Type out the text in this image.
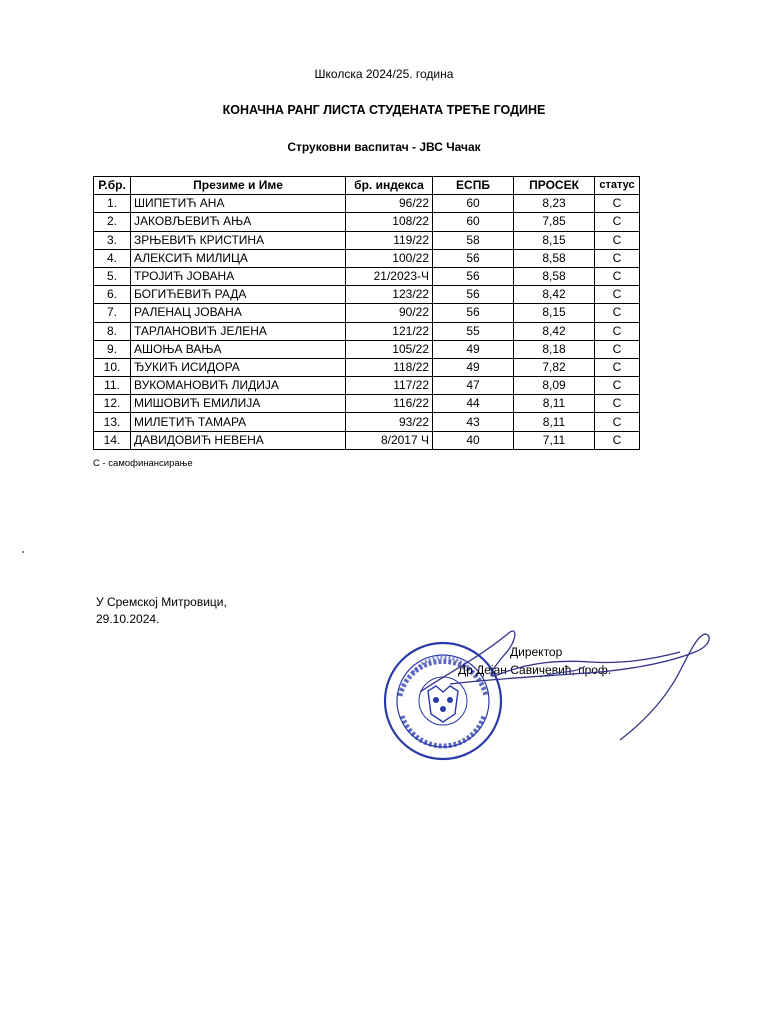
Школска 2024/25. година
КОНАЧНА РАНГ ЛИСТА СТУДЕНАТА ТРЕЋЕ ГОДИНЕ
Струковни васпитач - ЈВС Чачак
Р.бр.	Презиме и Име	бр. индекса	ЕСПБ	ПРОСЕК	статус
1.	ШИПЕТИЋ АНА	96/22	60	8,23	С
2.	ЈАКОВЉЕВИЋ АЊА	108/22	60	7,85	С
3.	ЗРЊЕВИЋ КРИСТИНА	119/22	58	8,15	С
4.	АЛЕКСИЋ МИЛИЦА	100/22	56	8,58	С
5.	ТРОЈИЋ ЈОВАНА	21/2023-Ч	56	8,58	С
6.	БОГИЋЕВИЋ РАДА	123/22	56	8,42	С
7.	РАЛЕНАЦ ЈОВАНА	90/22	56	8,15	С
8.	ТАРЛАНОВИЋ ЈЕЛЕНА	121/22	55	8,42	С
9.	АШОЊА ВАЊА	105/22	49	8,18	С
10.	ЂУКИЋ ИСИДОРА	118/22	49	7,82	С
11.	ВУКОМАНОВИЋ ЛИДИЈА	117/22	47	8,09	С
12.	МИШОВИЋ ЕМИЛИЈА	116/22	44	8,11	С
13.	МИЛЕТИЋ ТАМАРА	93/22	43	8,11	С
14.	ДАВИДОВИЋ НЕВЕНА	8/2017 Ч	40	7,11	С
С - самофинансирање
У Сремској Митровици,
29.10.2024.
Директор
Др Дејан Савичевић, проф.
